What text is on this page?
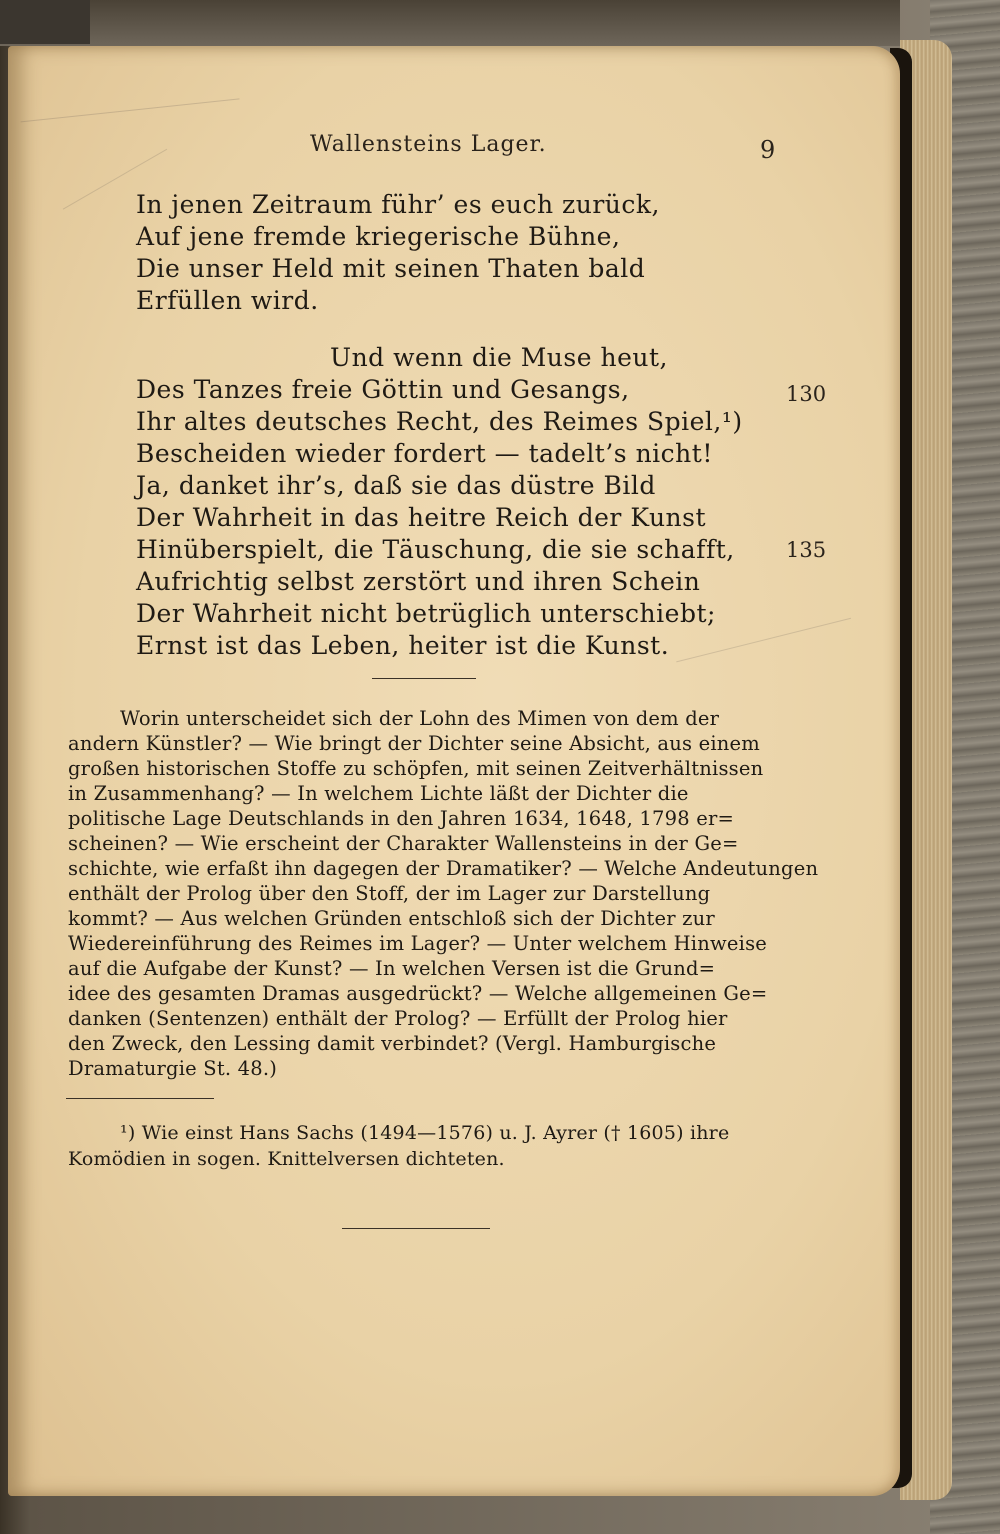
Wallensteins Lager.	9
In jenen Zeitraum führ’ es euch zurück,
Auf jene fremde kriegerische Bühne,
Die unser Held mit seinen Thaten bald
Erfüllen wird.
Und wenn die Muse heut,
Des Tanzes freie Göttin und Gesangs,	130
Ihr altes deutsches Recht, des Reimes Spiel,¹)
Bescheiden wieder fordert — tadelt’s nicht!
Ja, danket ihr’s, daß sie das düstre Bild
Der Wahrheit in das heitre Reich der Kunst
Hinüberspielt, die Täuschung, die sie schafft, 135
Aufrichtig selbst zerstört und ihren Schein
Der Wahrheit nicht betrüglich unterschiebt;
Ernst ist das Leben, heiter ist die Kunst.
Worin unterscheidet sich der Lohn des Mimen von dem der
andern Künstler? — Wie bringt der Dichter seine Absicht, aus einem
großen historischen Stoffe zu schöpfen, mit seinen Zeitverhältnissen
in Zusammenhang? — In welchem Lichte läßt der Dichter die
politische Lage Deutschlands in den Jahren 1634, 1648, 1798 er=
scheinen? — Wie erscheint der Charakter Wallensteins in der Ge=
schichte, wie erfaßt ihn dagegen der Dramatiker? — Welche Andeutungen
enthält der Prolog über den Stoff, der im Lager zur Darstellung
kommt? — Aus welchen Gründen entschloß sich der Dichter zur
Wiedereinführung des Reimes im Lager? — Unter welchem Hinweise
auf die Aufgabe der Kunst? — In welchen Versen ist die Grund=
idee des gesamten Dramas ausgedrückt? — Welche allgemeinen Ge=
danken (Sentenzen) enthält der Prolog? — Erfüllt der Prolog hier
den Zweck, den Lessing damit verbindet? (Vergl. Hamburgische
Dramaturgie St. 48.)
¹) Wie einst Hans Sachs (1494—1576) u. J. Ayrer († 1605) ihre
Komödien in sogen. Knittelversen dichteten.
